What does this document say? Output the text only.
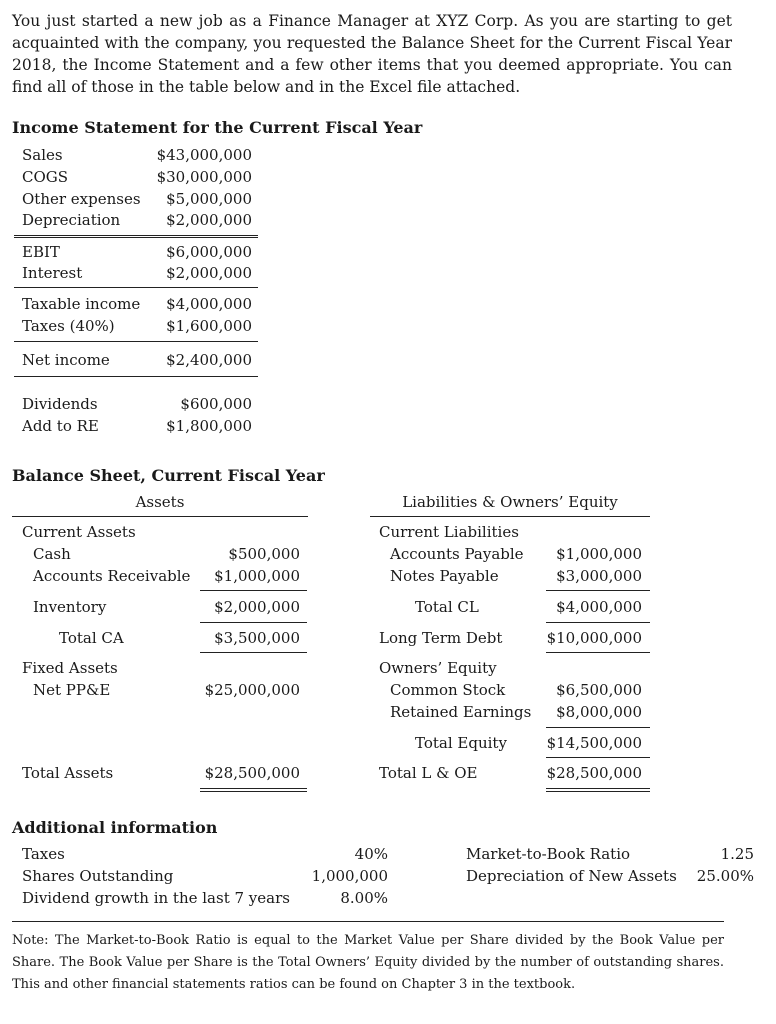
You just started a new job as a Finance Manager at XYZ Corp. As you are starting to get acquainted with the company, you requested the Balance Sheet for the Current Fiscal Year 2018, the Income Statement and a few other items that you deemed appropriate. You can find all of those in the table below and in the Excel file attached.
Income Statement for the Current Fiscal Year
Sales	$43,000,000
COGS	$30,000,000
Other expenses	$5,000,000
Depreciation	$2,000,000
EBIT	$6,000,000
Interest	$2,000,000
Taxable income	$4,000,000
Taxes (40%)	$1,600,000
Net income	$2,400,000
Dividends	$600,000
Add to RE	$1,800,000
Balance Sheet, Current Fiscal Year
Assets	Liabilities & Owners’ Equity
Current Assets
Cash	$500,000
Accounts Receivable	$1,000,000
Inventory	$2,000,000
Total CA	$3,500,000
Fixed Assets
Net PP&E	$25,000,000
Total Assets	$28,500,000
Current Liabilities
Accounts Payable	$1,000,000
Notes Payable	$3,000,000
Total CL	$4,000,000
Long Term Debt	$10,000,000
Owners’ Equity
Common Stock	$6,500,000
Retained Earnings	$8,000,000
Total Equity	$14,500,000
Total L & OE	$28,500,000
Additional information
Taxes	40%
Shares Outstanding	1,000,000
Dividend growth in the last 7 years	8.00%
Market-to-Book Ratio	1.25
Depreciation of New Assets	25.00%
Note: The Market-to-Book Ratio is equal to the Market Value per Share divided by the Book Value per Share. The Book Value per Share is the Total Owners’ Equity divided by the number of outstanding shares. This and other financial statements ratios can be found on Chapter 3 in the textbook.
